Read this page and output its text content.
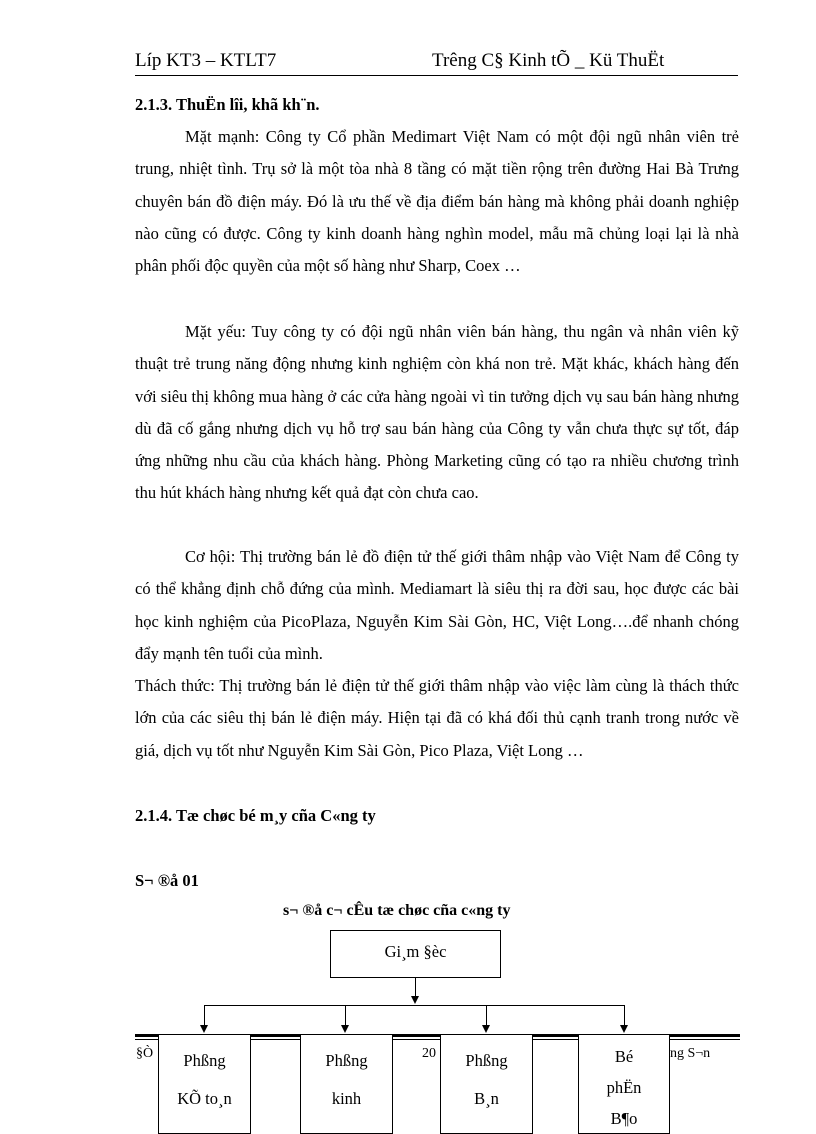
Líp KT3 – KTLT7	Trêng C§ Kinh tÕ _ Kü ThuËt
2.1.3. ThuËn lîi, khã kh¨n.
Mặt mạnh: Công ty Cổ phần Medimart Việt Nam có một đội ngũ nhân viên trẻ trung, nhiệt tình. Trụ sở là một tòa nhà 8 tầng có mặt tiền rộng trên đường Hai Bà Trưng chuyên bán đồ điện máy. Đó là ưu thế về địa điểm bán hàng mà không phải doanh nghiệp nào cũng có được. Công ty kinh doanh hàng nghìn model, mẫu mã chủng loại lại là nhà phân phối độc quyền của một số hàng như Sharp, Coex …
Mặt yếu: Tuy công ty có đội ngũ nhân viên bán hàng, thu ngân và nhân viên kỹ thuật trẻ trung năng động nhưng kinh nghiệm còn khá non trẻ. Mặt khác, khách hàng đến với siêu thị không mua hàng ở các cửa hàng ngoài vì tin tưởng dịch vụ sau bán hàng nhưng dù đã cố gắng nhưng dịch vụ hỗ trợ sau bán hàng của Công ty vẫn chưa thực sự tốt, đáp ứng những nhu cầu của khách hàng. Phòng Marketing cũng có tạo ra nhiều chương trình thu hút khách hàng nhưng kết quả đạt còn chưa cao.
Cơ hội: Thị trường bán lẻ đồ điện tử thế giới thâm nhập vào Việt Nam để Công ty có thể khẳng định chỗ đứng của mình. Mediamart là siêu thị ra đời sau, học được các bài học kinh nghiệm của PicoPlaza, Nguyễn Kim Sài Gòn, HC, Việt Long….để nhanh chóng đẩy mạnh tên tuổi của mình.
Thách thức: Thị trường bán lẻ điện tử thế giới thâm nhập vào việc làm cùng là thách thức lớn của các siêu thị bán lẻ điện máy. Hiện tại đã có khá đối thủ cạnh tranh trong nước về giá, dịch vụ tốt như Nguyễn Kim Sài Gòn, Pico Plaza, Việt Long …
2.1.4. Tæ chøc bé m¸y cña C«ng ty
S¬ ®å 01
s¬ ®å c¬ cÊu tæ chøc cña c«ng ty
Gi¸m §èc
§Ò	20	ng S¬n
Phßng
KÕ to¸n
Phßng
kinh
Phßng
B¸n
Bé
phËn
B¶o
